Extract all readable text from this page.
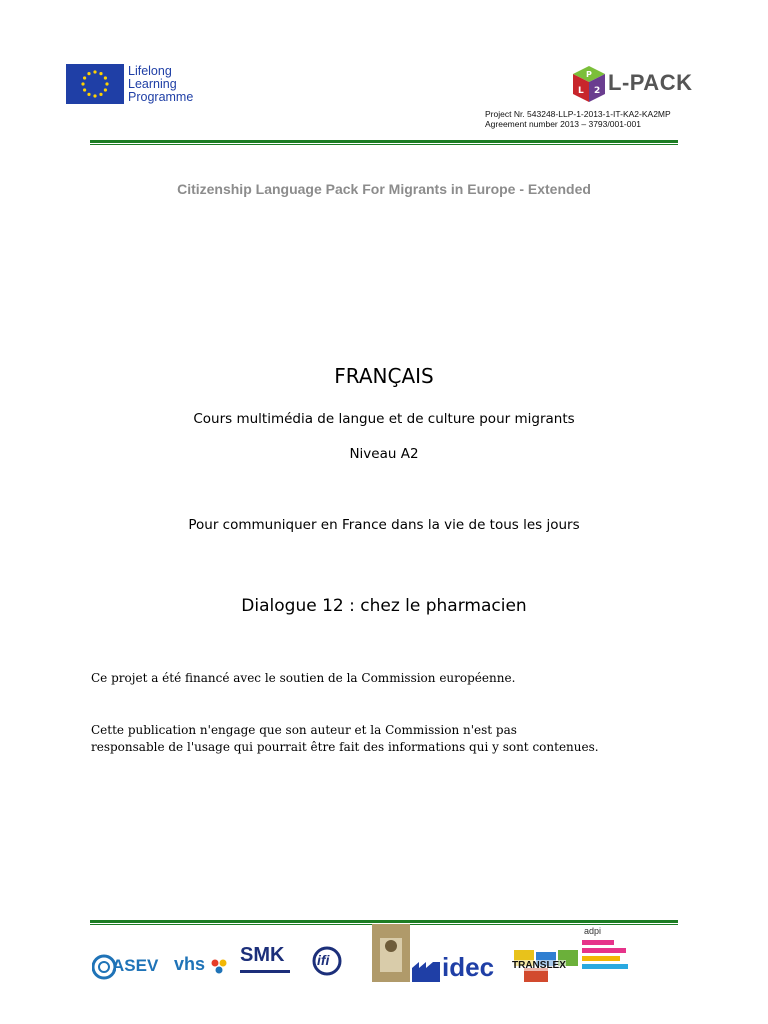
Lifelong
Learning
Programme
P
L 2 L-PACK
Project Nr. 543248-LLP-1-2013-1-IT-KA2-KA2MP
Agreement number 2013 – 3793/001-001
Citizenship Language Pack For Migrants in Europe - Extended
FRANÇAIS
Cours multimédia de langue et de culture pour migrants
Niveau A2
Pour communiquer en France dans la vie de tous les jours
Dialogue 12 : chez le pharmacien
Ce projet a été financé avec le soutien de la Commission européenne.
Cette publication n'engage que son auteur et la Commission n'est pas
responsable de l'usage qui pourrait être fait des informations qui y sont contenues.
ASEV vhs SMK ifi	idec TRANSLEX
adpi
